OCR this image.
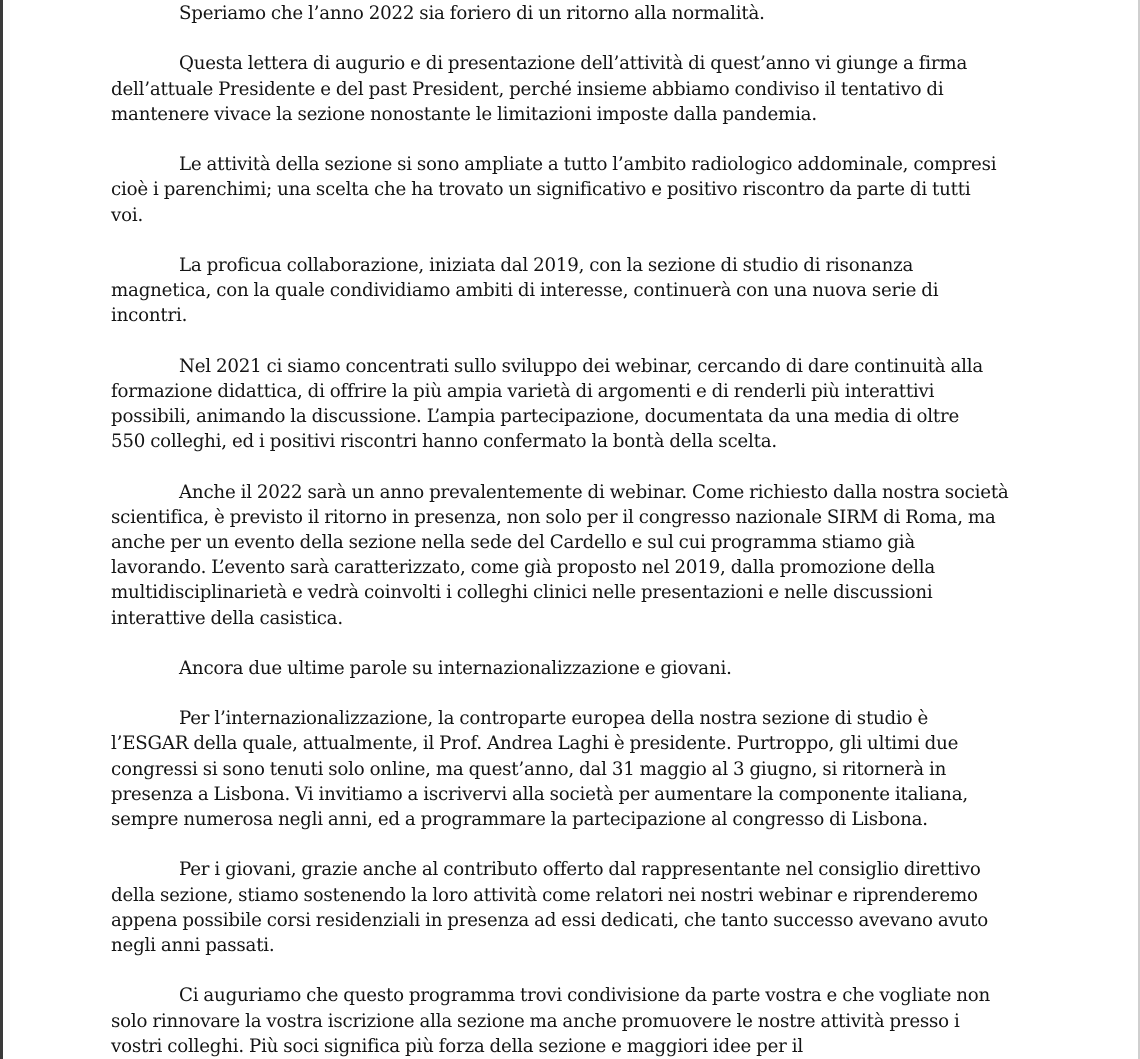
Speriamo che l’anno 2022 sia foriero di un ritorno alla normalità.

Questa lettera di augurio e di presentazione dell’attività di quest’anno vi giunge a firma
dell’attuale Presidente e del past President, perché insieme abbiamo condiviso il tentativo di
mantenere vivace la sezione nonostante le limitazioni imposte dalla pandemia.

Le attività della sezione si sono ampliate a tutto l’ambito radiologico addominale, compresi
cioè i parenchimi; una scelta che ha trovato un significativo e positivo riscontro da parte di tutti
voi.

La proficua collaborazione, iniziata dal 2019, con la sezione di studio di risonanza
magnetica, con la quale condividiamo ambiti di interesse, continuerà con una nuova serie di
incontri.

Nel 2021 ci siamo concentrati sullo sviluppo dei webinar, cercando di dare continuità alla
formazione didattica, di offrire la più ampia varietà di argomenti e di renderli più interattivi
possibili, animando la discussione. L’ampia partecipazione, documentata da una media di oltre
550 colleghi, ed i positivi riscontri hanno confermato la bontà della scelta.

Anche il 2022 sarà un anno prevalentemente di webinar. Come richiesto dalla nostra società
scientifica, è previsto il ritorno in presenza, non solo per il congresso nazionale SIRM di Roma, ma
anche per un evento della sezione nella sede del Cardello e sul cui programma stiamo già
lavorando. L’evento sarà caratterizzato, come già proposto nel 2019, dalla promozione della
multidisciplinarietà e vedrà coinvolti i colleghi clinici nelle presentazioni e nelle discussioni
interattive della casistica.

Ancora due ultime parole su internazionalizzazione e giovani.

Per l’internazionalizzazione, la controparte europea della nostra sezione di studio è
l’ESGAR della quale, attualmente, il Prof. Andrea Laghi è presidente. Purtroppo, gli ultimi due
congressi si sono tenuti solo online, ma quest’anno, dal 31 maggio al 3 giugno, si ritornerà in
presenza a Lisbona. Vi invitiamo a iscrivervi alla società per aumentare la componente italiana,
sempre numerosa negli anni, ed a programmare la partecipazione al congresso di Lisbona.

Per i giovani, grazie anche al contributo offerto dal rappresentante nel consiglio direttivo
della sezione, stiamo sostenendo la loro attività come relatori nei nostri webinar e riprenderemo
appena possibile corsi residenziali in presenza ad essi dedicati, che tanto successo avevano avuto
negli anni passati.

Ci auguriamo che questo programma trovi condivisione da parte vostra e che vogliate non
solo rinnovare la vostra iscrizione alla sezione ma anche promuovere le nostre attività presso i
vostri colleghi. Più soci significa più forza della sezione e maggiori idee per il
